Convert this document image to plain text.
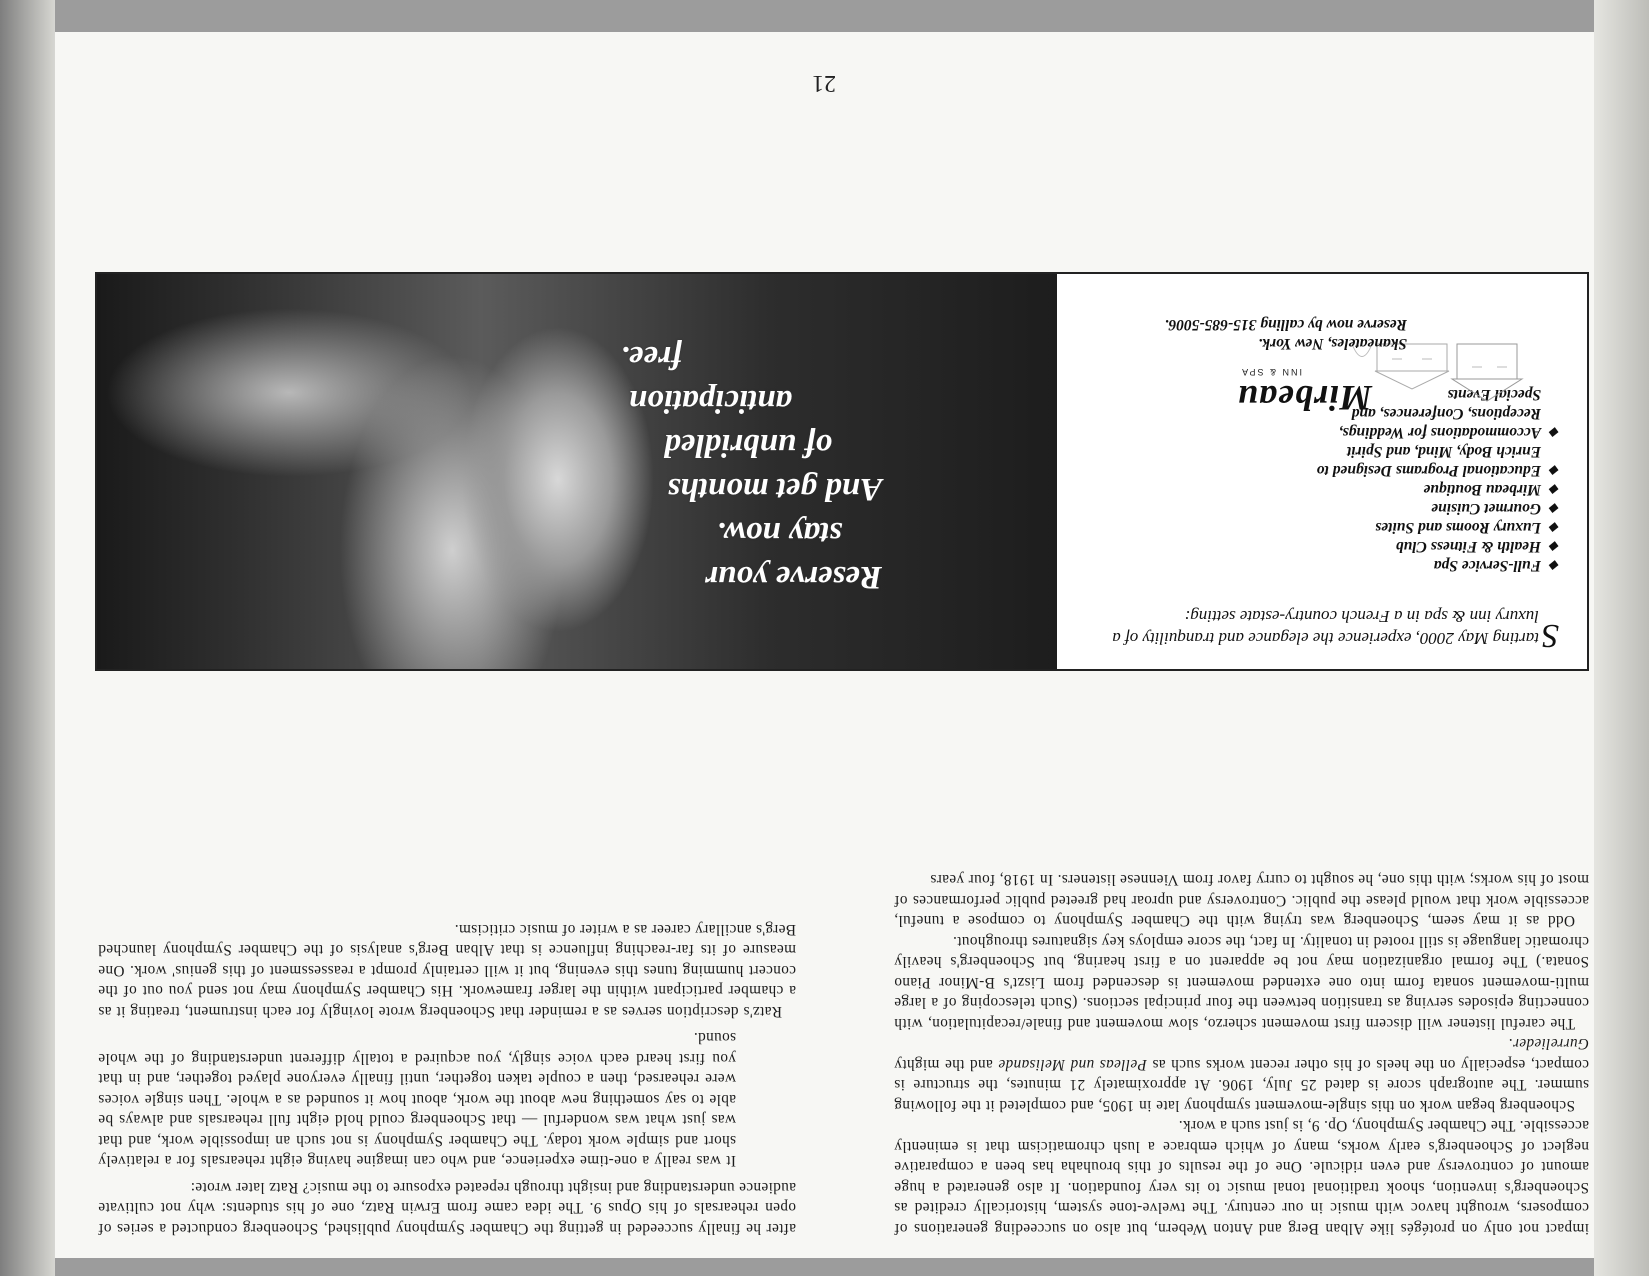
impact not only on protégés like Alban Berg and Anton Webern, but also on succeeding generations of composers, wrought havoc with music in our century. The twelve-tone system, historically credited as Schoenberg's invention, shook traditional tonal music to its very foundation. It also generated a huge amount of controversy and even ridicule. One of the results of this brouhaha has been a comparative neglect of Schoenberg's early works, many of which embrace a lush chromaticism that is eminently accessible. The Chamber Symphony, Op. 9, is just such a work.

Schoenberg began work on this single-movement symphony late in 1905, and completed it the following summer. The autograph score is dated 25 July, 1906. At approximately 21 minutes, the structure is compact, especially on the heels of his other recent works such as Pelleas und Melisande and the mighty Gurrelieder.

The careful listener will discern first movement scherzo, slow movement and finale/recapitulation, with connecting episodes serving as transition between the four principal sections. (Such telescoping of a large multi-movement sonata form into one extended movement is descended from Liszt's B-Minor Piano Sonata.) The formal organization may not be apparent on a first hearing, but Schoenberg's heavily chromatic language is still rooted in tonality. In fact, the score employs key signatures throughout.

Odd as it may seem, Schoenberg was trying with the Chamber Symphony to compose a tuneful, accessible work that would please the public. Controversy and uproar had greeted public performances of most of his works; with this one, he sought to curry favor from Viennese listeners. In 1918, four years

after he finally succeeded in getting the Chamber Symphony published, Schoenberg conducted a series of open rehearsals of his Opus 9. The idea came from Erwin Ratz, one of his students: why not cultivate audience understanding and insight through repeated exposure to the music? Ratz later wrote:

It was really a one-time experience, and who can imagine having eight rehearsals for a relatively short and simple work today. The Chamber Symphony is not such an impossible work, and that was just what was wonderful — that Schoenberg could hold eight full rehearsals and always be able to say something new about the work, about how it sounded as a whole. Then single voices were rehearsed, then a couple taken together, until finally everyone played together, and in that you first heard each voice singly, you acquired a totally different understanding of the whole sound.

Ratz's description serves as a reminder that Schoenberg wrote lovingly for each instrument, treating it as a chamber participant within the larger framework. His Chamber Symphony may not send you out of the concert humming tunes this evening, but it will certainly prompt a reassessment of this genius' work. One measure of its far-reaching influence is that Alban Berg's analysis of the Chamber Symphony launched Berg's ancillary career as a writer of music criticism.

S
tarting May 2000, experience the elegance and tranquility of a luxury inn & spa in a French country-estate setting:
◆
Full-Service Spa
◆
Health & Fitness Club
◆
Luxury Rooms and Suites
◆
Gourmet Cuisine
◆
Mirbeau Boutique
◆
Educational Programs Designed to
Enrich Body, Mind, and Spirit
◆
Accommodations for Weddings,
Receptions, Conferences, and
Special Events
Mirbeau
INN & SPA
Skaneateles, New York.
Reserve now by calling 315-685-5006.
Reserve your
stay now.
And get months
of unbridled
anticipation
free.
21
